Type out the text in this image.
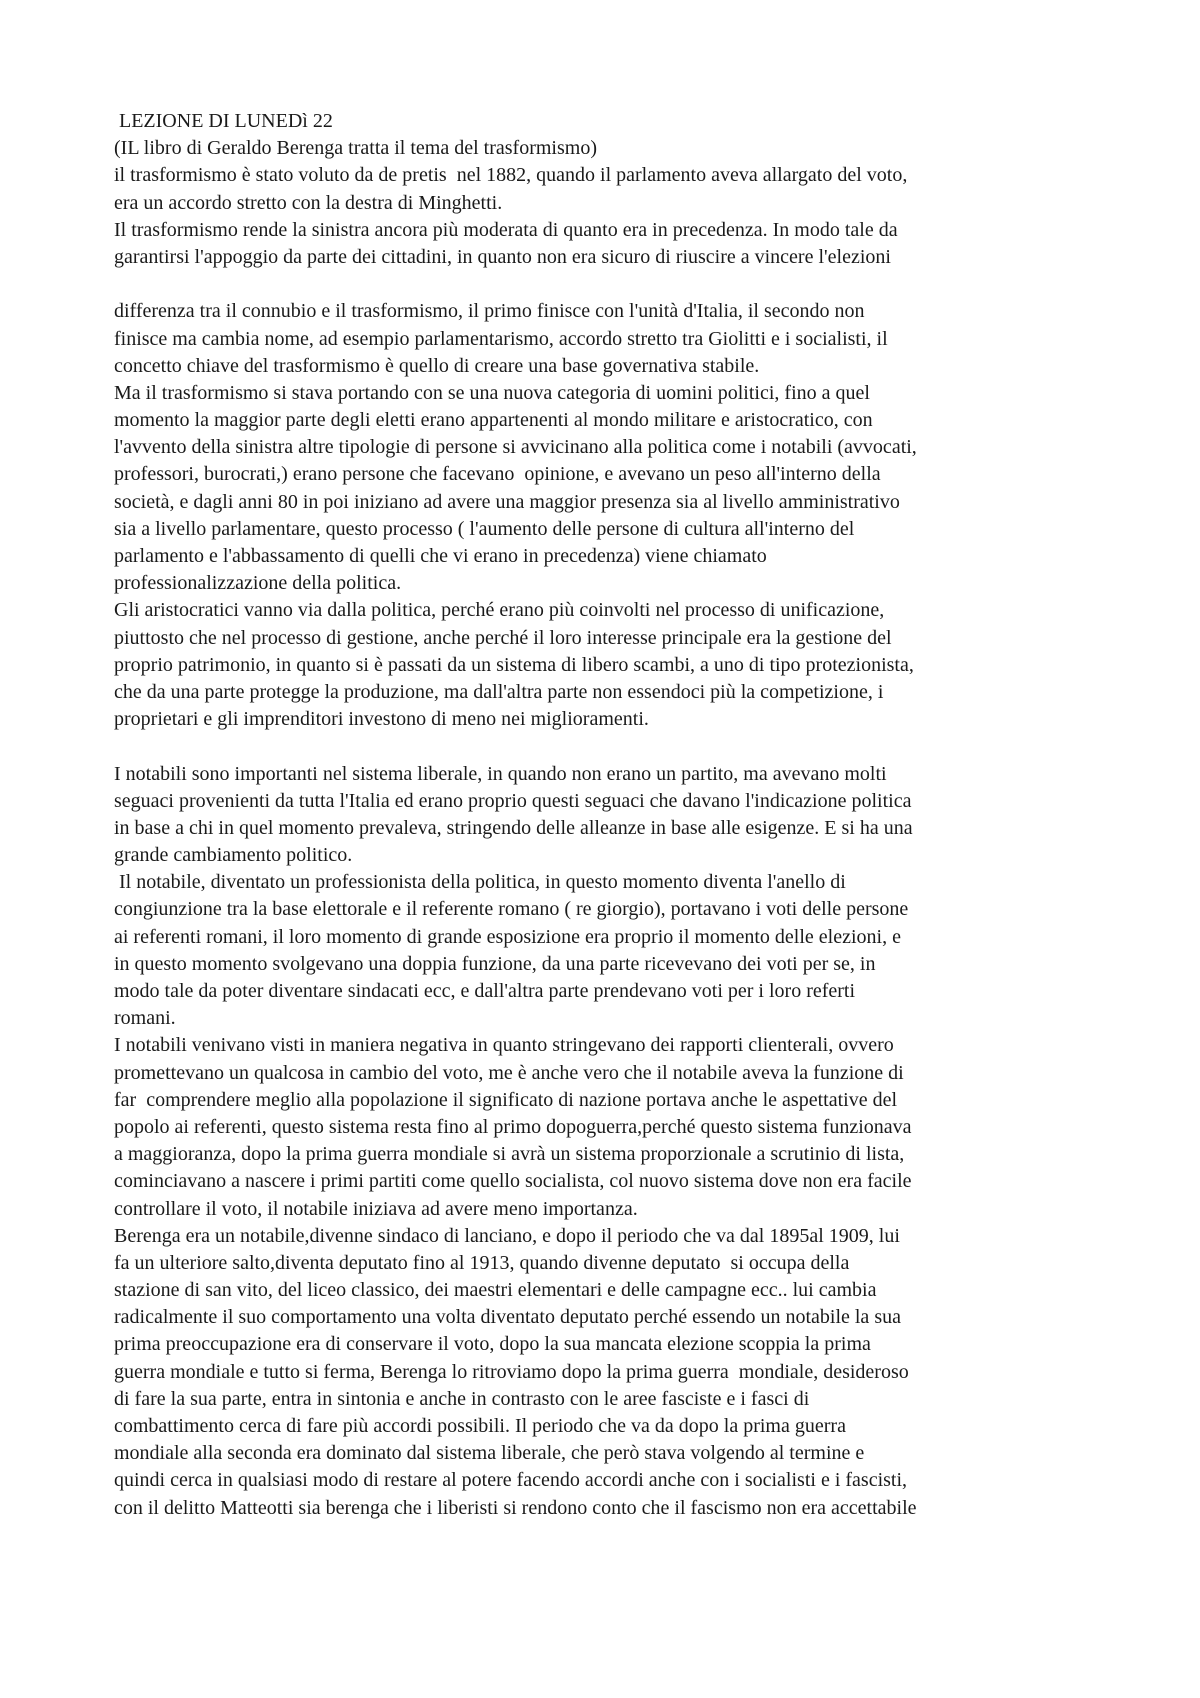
LEZIONE DI LUNEDì 22
(IL libro di Geraldo Berenga tratta il tema del trasformismo)
il trasformismo è stato voluto da de pretis  nel 1882, quando il parlamento aveva allargato del voto,
era un accordo stretto con la destra di Minghetti.
Il trasformismo rende la sinistra ancora più moderata di quanto era in precedenza. In modo tale da
garantirsi l'appoggio da parte dei cittadini, in quanto non era sicuro di riuscire a vincere l'elezioni
differenza tra il connubio e il trasformismo, il primo finisce con l'unità d'Italia, il secondo non
finisce ma cambia nome, ad esempio parlamentarismo, accordo stretto tra Giolitti e i socialisti, il
concetto chiave del trasformismo è quello di creare una base governativa stabile.
Ma il trasformismo si stava portando con se una nuova categoria di uomini politici, fino a quel
momento la maggior parte degli eletti erano appartenenti al mondo militare e aristocratico, con
l'avvento della sinistra altre tipologie di persone si avvicinano alla politica come i notabili (avvocati,
professori, burocrati,) erano persone che facevano  opinione, e avevano un peso all'interno della
società, e dagli anni 80 in poi iniziano ad avere una maggior presenza sia al livello amministrativo
sia a livello parlamentare, questo processo ( l'aumento delle persone di cultura all'interno del
parlamento e l'abbassamento di quelli che vi erano in precedenza) viene chiamato
professionalizzazione della politica.
Gli aristocratici vanno via dalla politica, perché erano più coinvolti nel processo di unificazione,
piuttosto che nel processo di gestione, anche perché il loro interesse principale era la gestione del
proprio patrimonio, in quanto si è passati da un sistema di libero scambi, a uno di tipo protezionista,
che da una parte protegge la produzione, ma dall'altra parte non essendoci più la competizione, i
proprietari e gli imprenditori investono di meno nei miglioramenti.
I notabili sono importanti nel sistema liberale, in quando non erano un partito, ma avevano molti
seguaci provenienti da tutta l'Italia ed erano proprio questi seguaci che davano l'indicazione politica
in base a chi in quel momento prevaleva, stringendo delle alleanze in base alle esigenze. E si ha una
grande cambiamento politico.
Il notabile, diventato un professionista della politica, in questo momento diventa l'anello di
congiunzione tra la base elettorale e il referente romano ( re giorgio), portavano i voti delle persone
ai referenti romani, il loro momento di grande esposizione era proprio il momento delle elezioni, e
in questo momento svolgevano una doppia funzione, da una parte ricevevano dei voti per se, in
modo tale da poter diventare sindacati ecc, e dall'altra parte prendevano voti per i loro referti
romani.
I notabili venivano visti in maniera negativa in quanto stringevano dei rapporti clienterali, ovvero
promettevano un qualcosa in cambio del voto, me è anche vero che il notabile aveva la funzione di
far  comprendere meglio alla popolazione il significato di nazione portava anche le aspettative del
popolo ai referenti, questo sistema resta fino al primo dopoguerra,perché questo sistema funzionava
a maggioranza, dopo la prima guerra mondiale si avrà un sistema proporzionale a scrutinio di lista,
cominciavano a nascere i primi partiti come quello socialista, col nuovo sistema dove non era facile
controllare il voto, il notabile iniziava ad avere meno importanza.
Berenga era un notabile,divenne sindaco di lanciano, e dopo il periodo che va dal 1895al 1909, lui
fa un ulteriore salto,diventa deputato fino al 1913, quando divenne deputato  si occupa della
stazione di san vito, del liceo classico, dei maestri elementari e delle campagne ecc.. lui cambia
radicalmente il suo comportamento una volta diventato deputato perché essendo un notabile la sua
prima preoccupazione era di conservare il voto, dopo la sua mancata elezione scoppia la prima
guerra mondiale e tutto si ferma, Berenga lo ritroviamo dopo la prima guerra  mondiale, desideroso
di fare la sua parte, entra in sintonia e anche in contrasto con le aree fasciste e i fasci di
combattimento cerca di fare più accordi possibili. Il periodo che va da dopo la prima guerra
mondiale alla seconda era dominato dal sistema liberale, che però stava volgendo al termine e
quindi cerca in qualsiasi modo di restare al potere facendo accordi anche con i socialisti e i fascisti,
con il delitto Matteotti sia berenga che i liberisti si rendono conto che il fascismo non era accettabile
